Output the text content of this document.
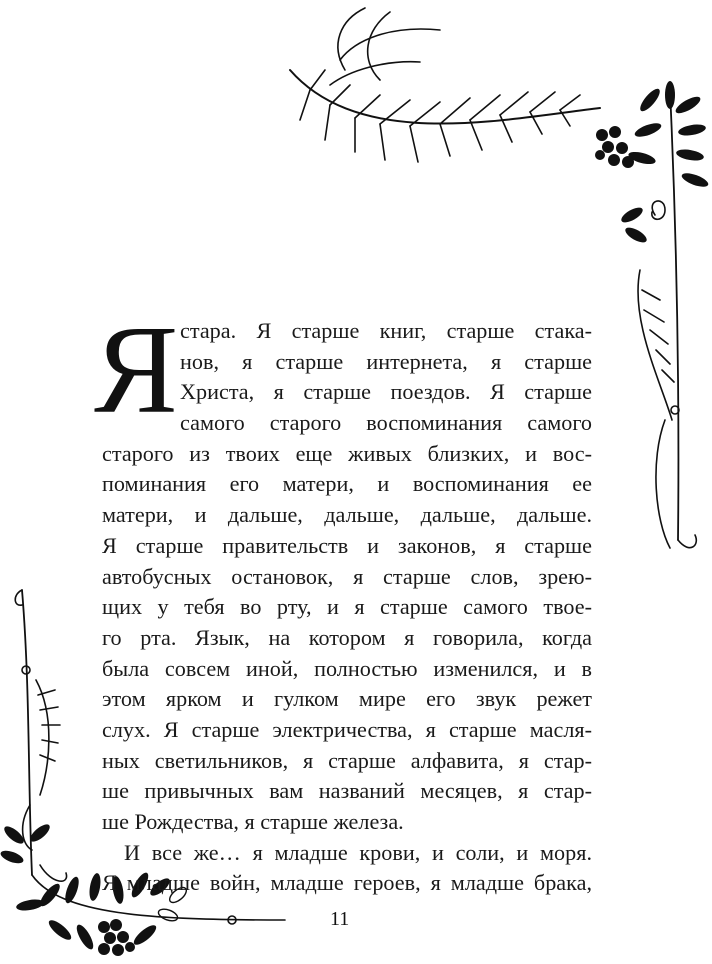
Я стара. Я старше книг, старше стака-
нов, я старше интернета, я старше
Христа, я старше поездов. Я старше
самого старого воспоминания самого
старого из твоих еще живых близких, и вос-
поминания его матери, и воспоминания ее
матери, и дальше, дальше, дальше, дальше.
Я старше правительств и законов, я старше
автобусных остановок, я старше слов, зрею-
щих у тебя во рту, и я старше самого твое-
го рта. Язык, на котором я говорила, когда
была совсем иной, полностью изменился, и в
этом ярком и гулком мире его звук режет
слух. Я старше электричества, я старше масля-
ных светильников, я старше алфавита, я стар-
ше привычных вам названий месяцев, я стар-
ше Рождества, я старше железа.
И все же… я младше крови, и соли, и моря.
Я младше войн, младше героев, я младше брака,
11
